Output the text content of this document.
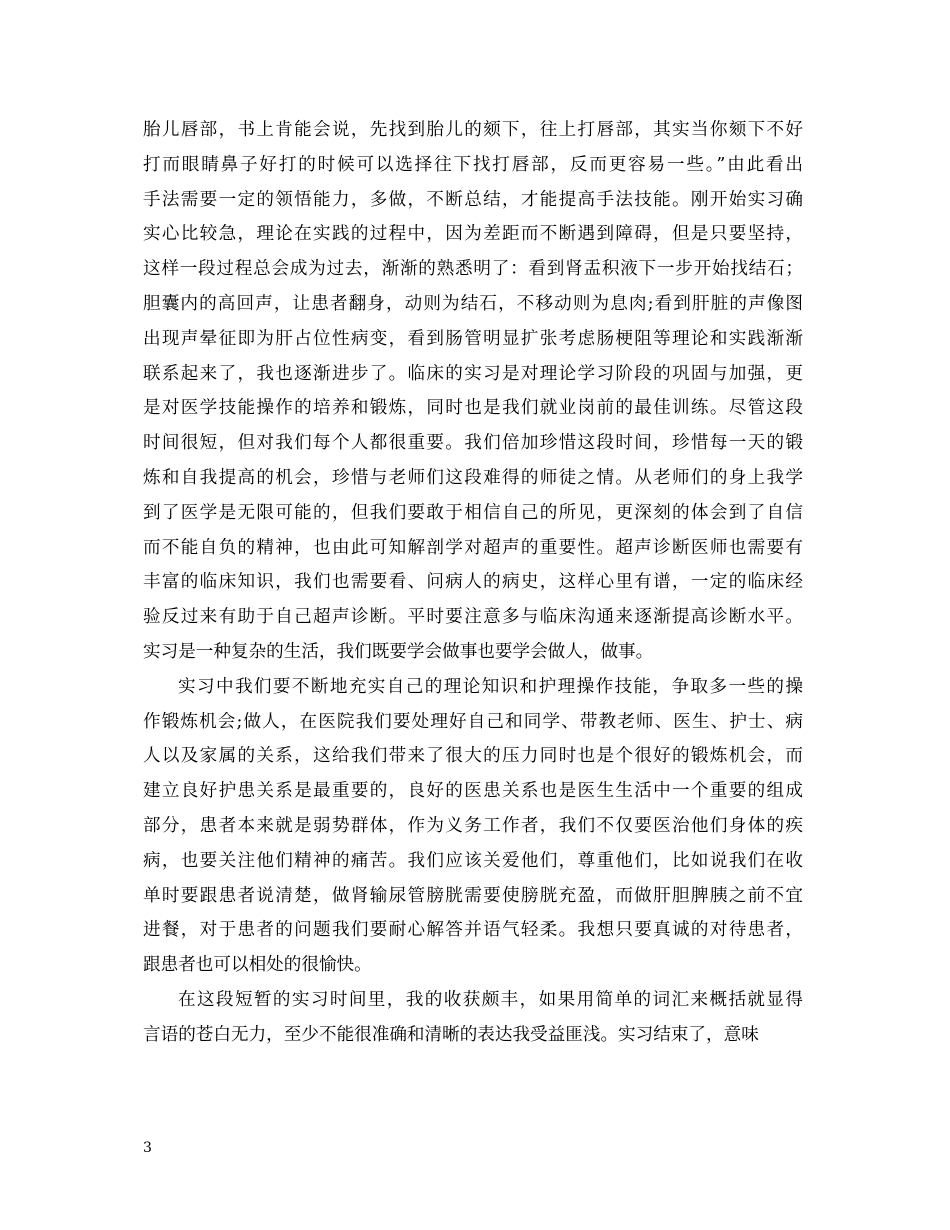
胎儿唇部，书上肯能会说，先找到胎儿的颏下，往上打唇部，其实当你颏下不好
打而眼睛鼻子好打的时候可以选择往下找打唇部，反而更容易一些。”由此看出
手法需要一定的领悟能力，多做，不断总结，才能提高手法技能。刚开始实习确
实心比较急，理论在实践的过程中，因为差距而不断遇到障碍，但是只要坚持，
这样一段过程总会成为过去，渐渐的熟悉明了：看到肾盂积液下一步开始找结石；
胆囊内的高回声，让患者翻身，动则为结石，不移动则为息肉;看到肝脏的声像图
出现声晕征即为肝占位性病变，看到肠管明显扩张考虑肠梗阻等理论和实践渐渐
联系起来了，我也逐渐进步了。临床的实习是对理论学习阶段的巩固与加强，更
是对医学技能操作的培养和锻炼，同时也是我们就业岗前的最佳训练。尽管这段
时间很短，但对我们每个人都很重要。我们倍加珍惜这段时间，珍惜每一天的锻
炼和自我提高的机会，珍惜与老师们这段难得的师徒之情。从老师们的身上我学
到了医学是无限可能的，但我们要敢于相信自己的所见，更深刻的体会到了自信
而不能自负的精神，也由此可知解剖学对超声的重要性。超声诊断医师也需要有
丰富的临床知识，我们也需要看、问病人的病史，这样心里有谱，一定的临床经
验反过来有助于自己超声诊断。平时要注意多与临床沟通来逐渐提高诊断水平。
实习是一种复杂的生活，我们既要学会做事也要学会做人，做事。
实习中我们要不断地充实自己的理论知识和护理操作技能，争取多一些的操
作锻炼机会;做人，在医院我们要处理好自己和同学、带教老师、医生、护士、病
人以及家属的关系，这给我们带来了很大的压力同时也是个很好的锻炼机会，而
建立良好护患关系是最重要的，良好的医患关系也是医生生活中一个重要的组成
部分，患者本来就是弱势群体，作为义务工作者，我们不仅要医治他们身体的疾
病，也要关注他们精神的痛苦。我们应该关爱他们，尊重他们，比如说我们在收
单时要跟患者说清楚，做肾输尿管膀胱需要使膀胱充盈，而做肝胆脾胰之前不宜
进餐，对于患者的问题我们要耐心解答并语气轻柔。我想只要真诚的对待患者，
跟患者也可以相处的很愉快。
在这段短暂的实习时间里，我的收获颇丰，如果用简单的词汇来概括就显得
言语的苍白无力，至少不能很准确和清晰的表达我受益匪浅。实习结束了，意味
3
